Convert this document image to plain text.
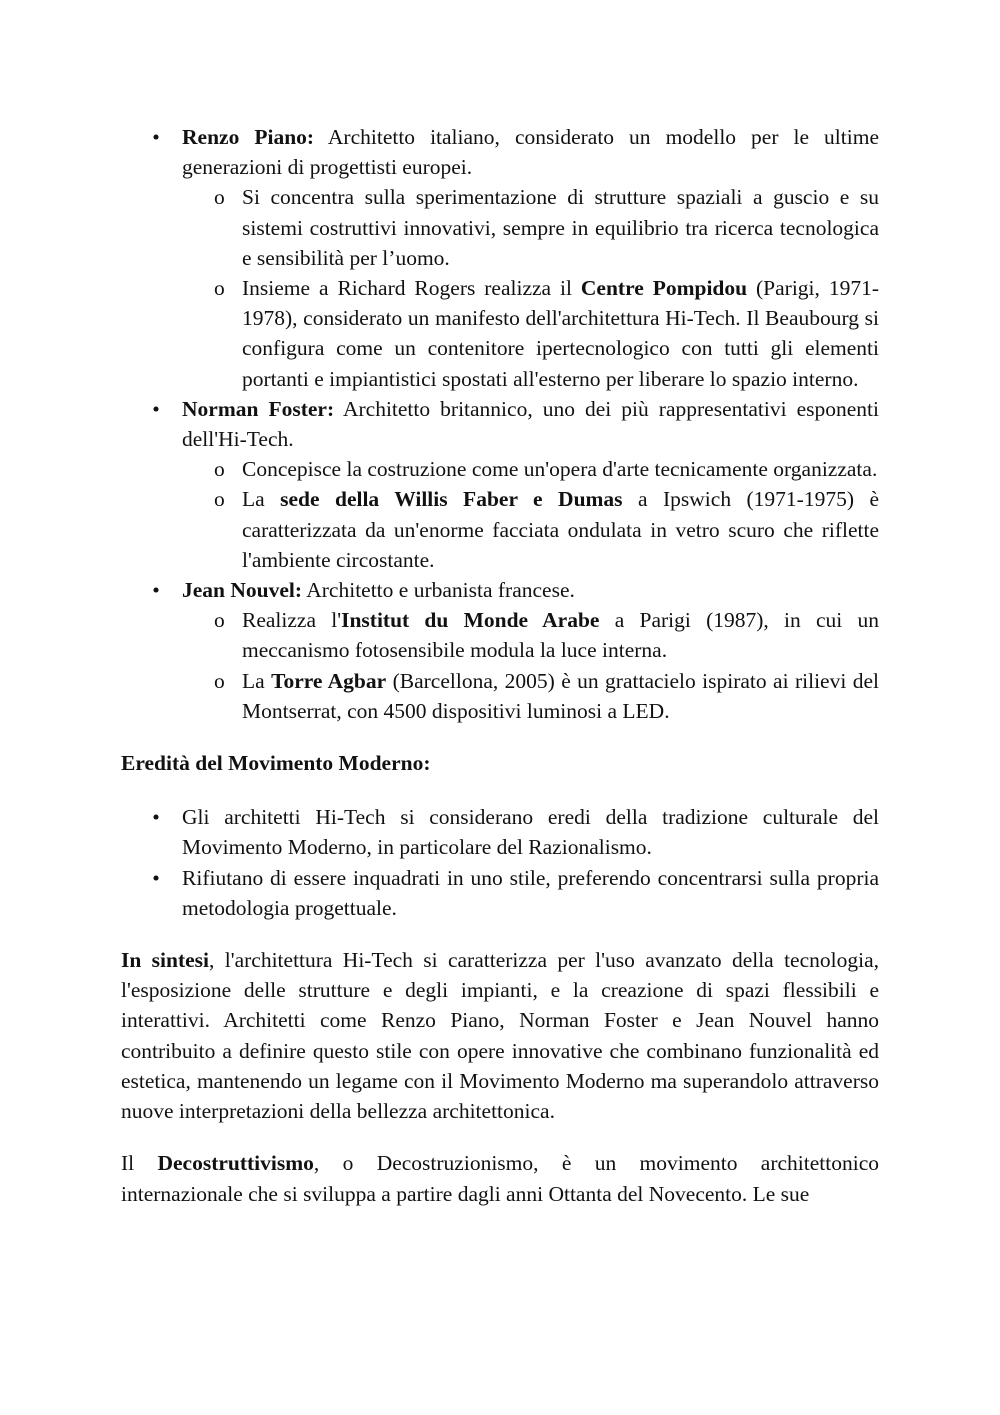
• Renzo Piano: Architetto italiano, considerato un modello per le ultime generazioni di progettisti europei.
o Si concentra sulla sperimentazione di strutture spaziali a guscio e su sistemi costruttivi innovativi, sempre in equilibrio tra ricerca tecnologica e sensibilità per l’uomo.
o Insieme a Richard Rogers realizza il Centre Pompidou (Parigi, 1971-1978), considerato un manifesto dell'architettura Hi-Tech. Il Beaubourg si configura come un contenitore ipertecnologico con tutti gli elementi portanti e impiantistici spostati all'esterno per liberare lo spazio interno.
• Norman Foster: Architetto britannico, uno dei più rappresentativi esponenti dell'Hi-Tech.
o Concepisce la costruzione come un'opera d'arte tecnicamente organizzata.
o La sede della Willis Faber e Dumas a Ipswich (1971-1975) è caratterizzata da un'enorme facciata ondulata in vetro scuro che riflette l'ambiente circostante.
• Jean Nouvel: Architetto e urbanista francese.
o Realizza l'Institut du Monde Arabe a Parigi (1987), in cui un meccanismo fotosensibile modula la luce interna.
o La Torre Agbar (Barcellona, 2005) è un grattacielo ispirato ai rilievi del Montserrat, con 4500 dispositivi luminosi a LED.
Eredità del Movimento Moderno:
• Gli architetti Hi-Tech si considerano eredi della tradizione culturale del Movimento Moderno, in particolare del Razionalismo.
• Rifiutano di essere inquadrati in uno stile, preferendo concentrarsi sulla propria metodologia progettuale.

In sintesi, l'architettura Hi-Tech si caratterizza per l'uso avanzato della tecnologia, l'esposizione delle strutture e degli impianti, e la creazione di spazi flessibili e interattivi. Architetti come Renzo Piano, Norman Foster e Jean Nouvel hanno contribuito a definire questo stile con opere innovative che combinano funzionalità ed estetica, mantenendo un legame con il Movimento Moderno ma superandolo attraverso nuove interpretazioni della bellezza architettonica.

Il Decostruttivismo, o Decostruzionismo, è un movimento architettonico internazionale che si sviluppa a partire dagli anni Ottanta del Novecento. Le sue
